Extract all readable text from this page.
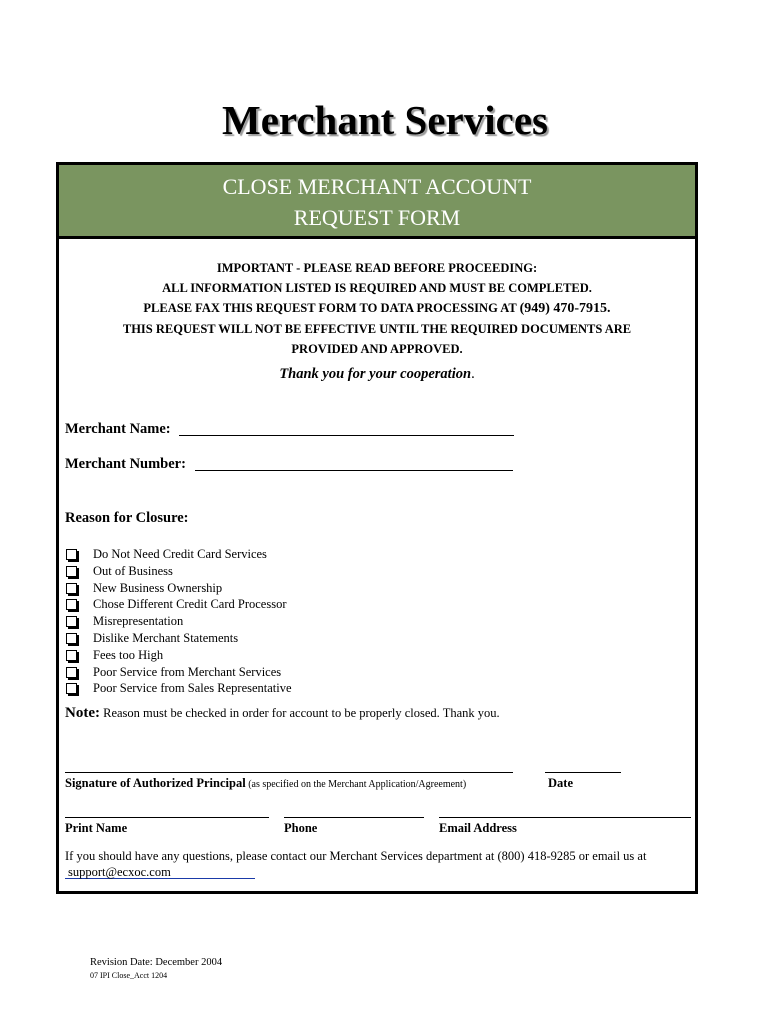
Merchant Services
CLOSE MERCHANT ACCOUNT
REQUEST FORM
IMPORTANT - PLEASE READ BEFORE PROCEEDING:
ALL INFORMATION LISTED IS REQUIRED AND MUST BE COMPLETED.
PLEASE FAX THIS REQUEST FORM TO DATA PROCESSING AT (949) 470-7915.
THIS REQUEST WILL NOT BE EFFECTIVE UNTIL THE REQUIRED DOCUMENTS ARE
PROVIDED AND APPROVED.
Thank you for your cooperation.
Merchant Name:
Merchant Number:
Reason for Closure:
Do Not Need Credit Card Services
Out of Business
New Business Ownership
Chose Different Credit Card Processor
Misrepresentation
Dislike Merchant Statements
Fees too High
Poor Service from Merchant Services
Poor Service from Sales Representative
Note: Reason must be checked in order for account to be properly closed. Thank you.
Signature of Authorized Principal (as specified on the Merchant Application/Agreement)	Date
Print Name	Phone	Email Address
If you should have any questions, please contact our Merchant Services department at (800) 418-9285 or email us at
support@ecxoc.com
Revision Date: December 2004
07 IPI Close_Acct 1204
